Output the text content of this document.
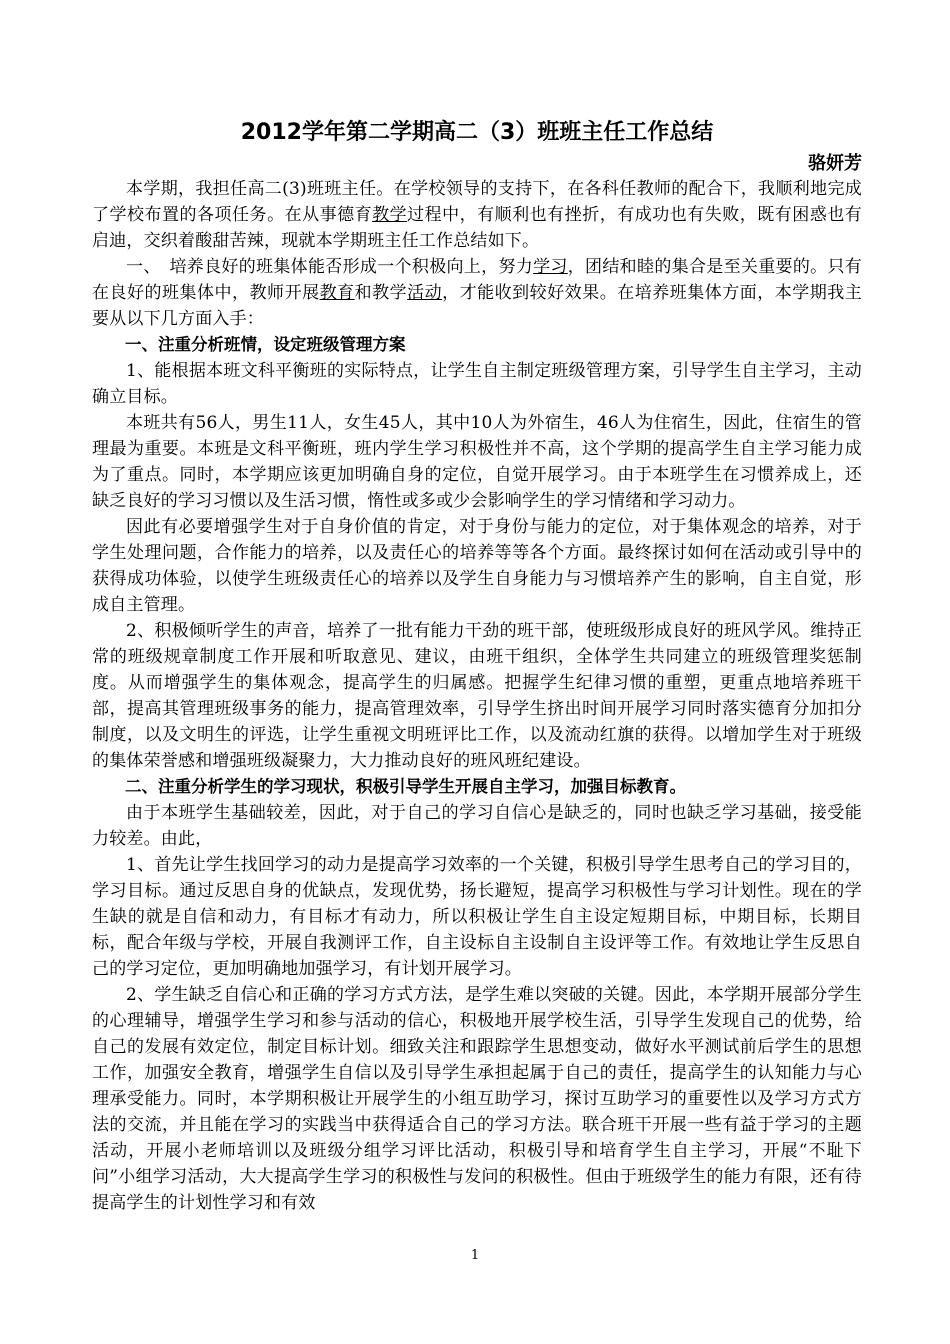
2012学年第二学期高二（3）班班主任工作总结

骆妍芳

本学期，我担任高二(3)班班主任。在学校领导的支持下，在各科任教师的配合下，我顺利地完成了学校布置的各项任务。在从事德育教学过程中，有顺利也有挫折，有成功也有失败，既有困惑也有启迪，交织着酸甜苦辣，现就本学期班主任工作总结如下。

一、　培养良好的班集体能否形成一个积极向上，努力学习，团结和睦的集合是至关重要的。只有在良好的班集体中，教师开展教育和教学活动，才能收到较好效果。在培养班集体方面，本学期我主要从以下几方面入手：

一、注重分析班情，设定班级管理方案

1、能根据本班文科平衡班的实际特点，让学生自主制定班级管理方案，引导学生自主学习，主动确立目标。

本班共有56人，男生11人，女生45人，其中10人为外宿生，46人为住宿生，因此，住宿生的管理最为重要。本班是文科平衡班，班内学生学习积极性并不高，这个学期的提高学生自主学习能力成为了重点。同时，本学期应该更加明确自身的定位，自觉开展学习。由于本班学生在习惯养成上，还缺乏良好的学习习惯以及生活习惯，惰性或多或少会影响学生的学习情绪和学习动力。

因此有必要增强学生对于自身价值的肯定，对于身份与能力的定位，对于集体观念的培养，对于学生处理问题，合作能力的培养，以及责任心的培养等等各个方面。最终探讨如何在活动或引导中的获得成功体验，以使学生班级责任心的培养以及学生自身能力与习惯培养产生的影响，自主自觉，形成自主管理。

2、积极倾听学生的声音，培养了一批有能力干劲的班干部，使班级形成良好的班风学风。维持正常的班级规章制度工作开展和听取意见、建议，由班干组织，全体学生共同建立的班级管理奖惩制度。从而增强学生的集体观念，提高学生的归属感。把握学生纪律习惯的重塑，更重点地培养班干部，提高其管理班级事务的能力，提高管理效率，引导学生挤出时间开展学习同时落实德育分加扣分制度，以及文明生的评选，让学生重视文明班评比工作，以及流动红旗的获得。以增加学生对于班级的集体荣誉感和增强班级凝聚力，大力推动良好的班风班纪建设。

二、注重分析学生的学习现状，积极引导学生开展自主学习，加强目标教育。

由于本班学生基础较差，因此，对于自己的学习自信心是缺乏的，同时也缺乏学习基础，接受能力较差。由此，

1、首先让学生找回学习的动力是提高学习效率的一个关键，积极引导学生思考自己的学习目的，学习目标。通过反思自身的优缺点，发现优势，扬长避短，提高学习积极性与学习计划性。现在的学生缺的就是自信和动力，有目标才有动力，所以积极让学生自主设定短期目标，中期目标，长期目标，配合年级与学校，开展自我测评工作，自主设标自主设制自主设评等工作。有效地让学生反思自己的学习定位，更加明确地加强学习，有计划开展学习。

2、学生缺乏自信心和正确的学习方式方法，是学生难以突破的关键。因此，本学期开展部分学生的心理辅导，增强学生学习和参与活动的信心，积极地开展学校生活，引导学生发现自己的优势，给自己的发展有效定位，制定目标计划。细致关注和跟踪学生思想变动，做好水平测试前后学生的思想工作，加强安全教育，增强学生自信以及引导学生承担起属于自己的责任，提高学生的认知能力与心理承受能力。同时，本学期积极让开展学生的小组互助学习，探讨互助学习的重要性以及学习方式方法的交流，并且能在学习的实践当中获得适合自己的学习方法。联合班干开展一些有益于学习的主题活动，开展小老师培训以及班级分组学习评比活动，积极引导和培育学生自主学习，开展“不耻下问”小组学习活动，大大提高学生学习的积极性与发问的积极性。但由于班级学生的能力有限，还有待提高学生的计划性学习和有效

1
